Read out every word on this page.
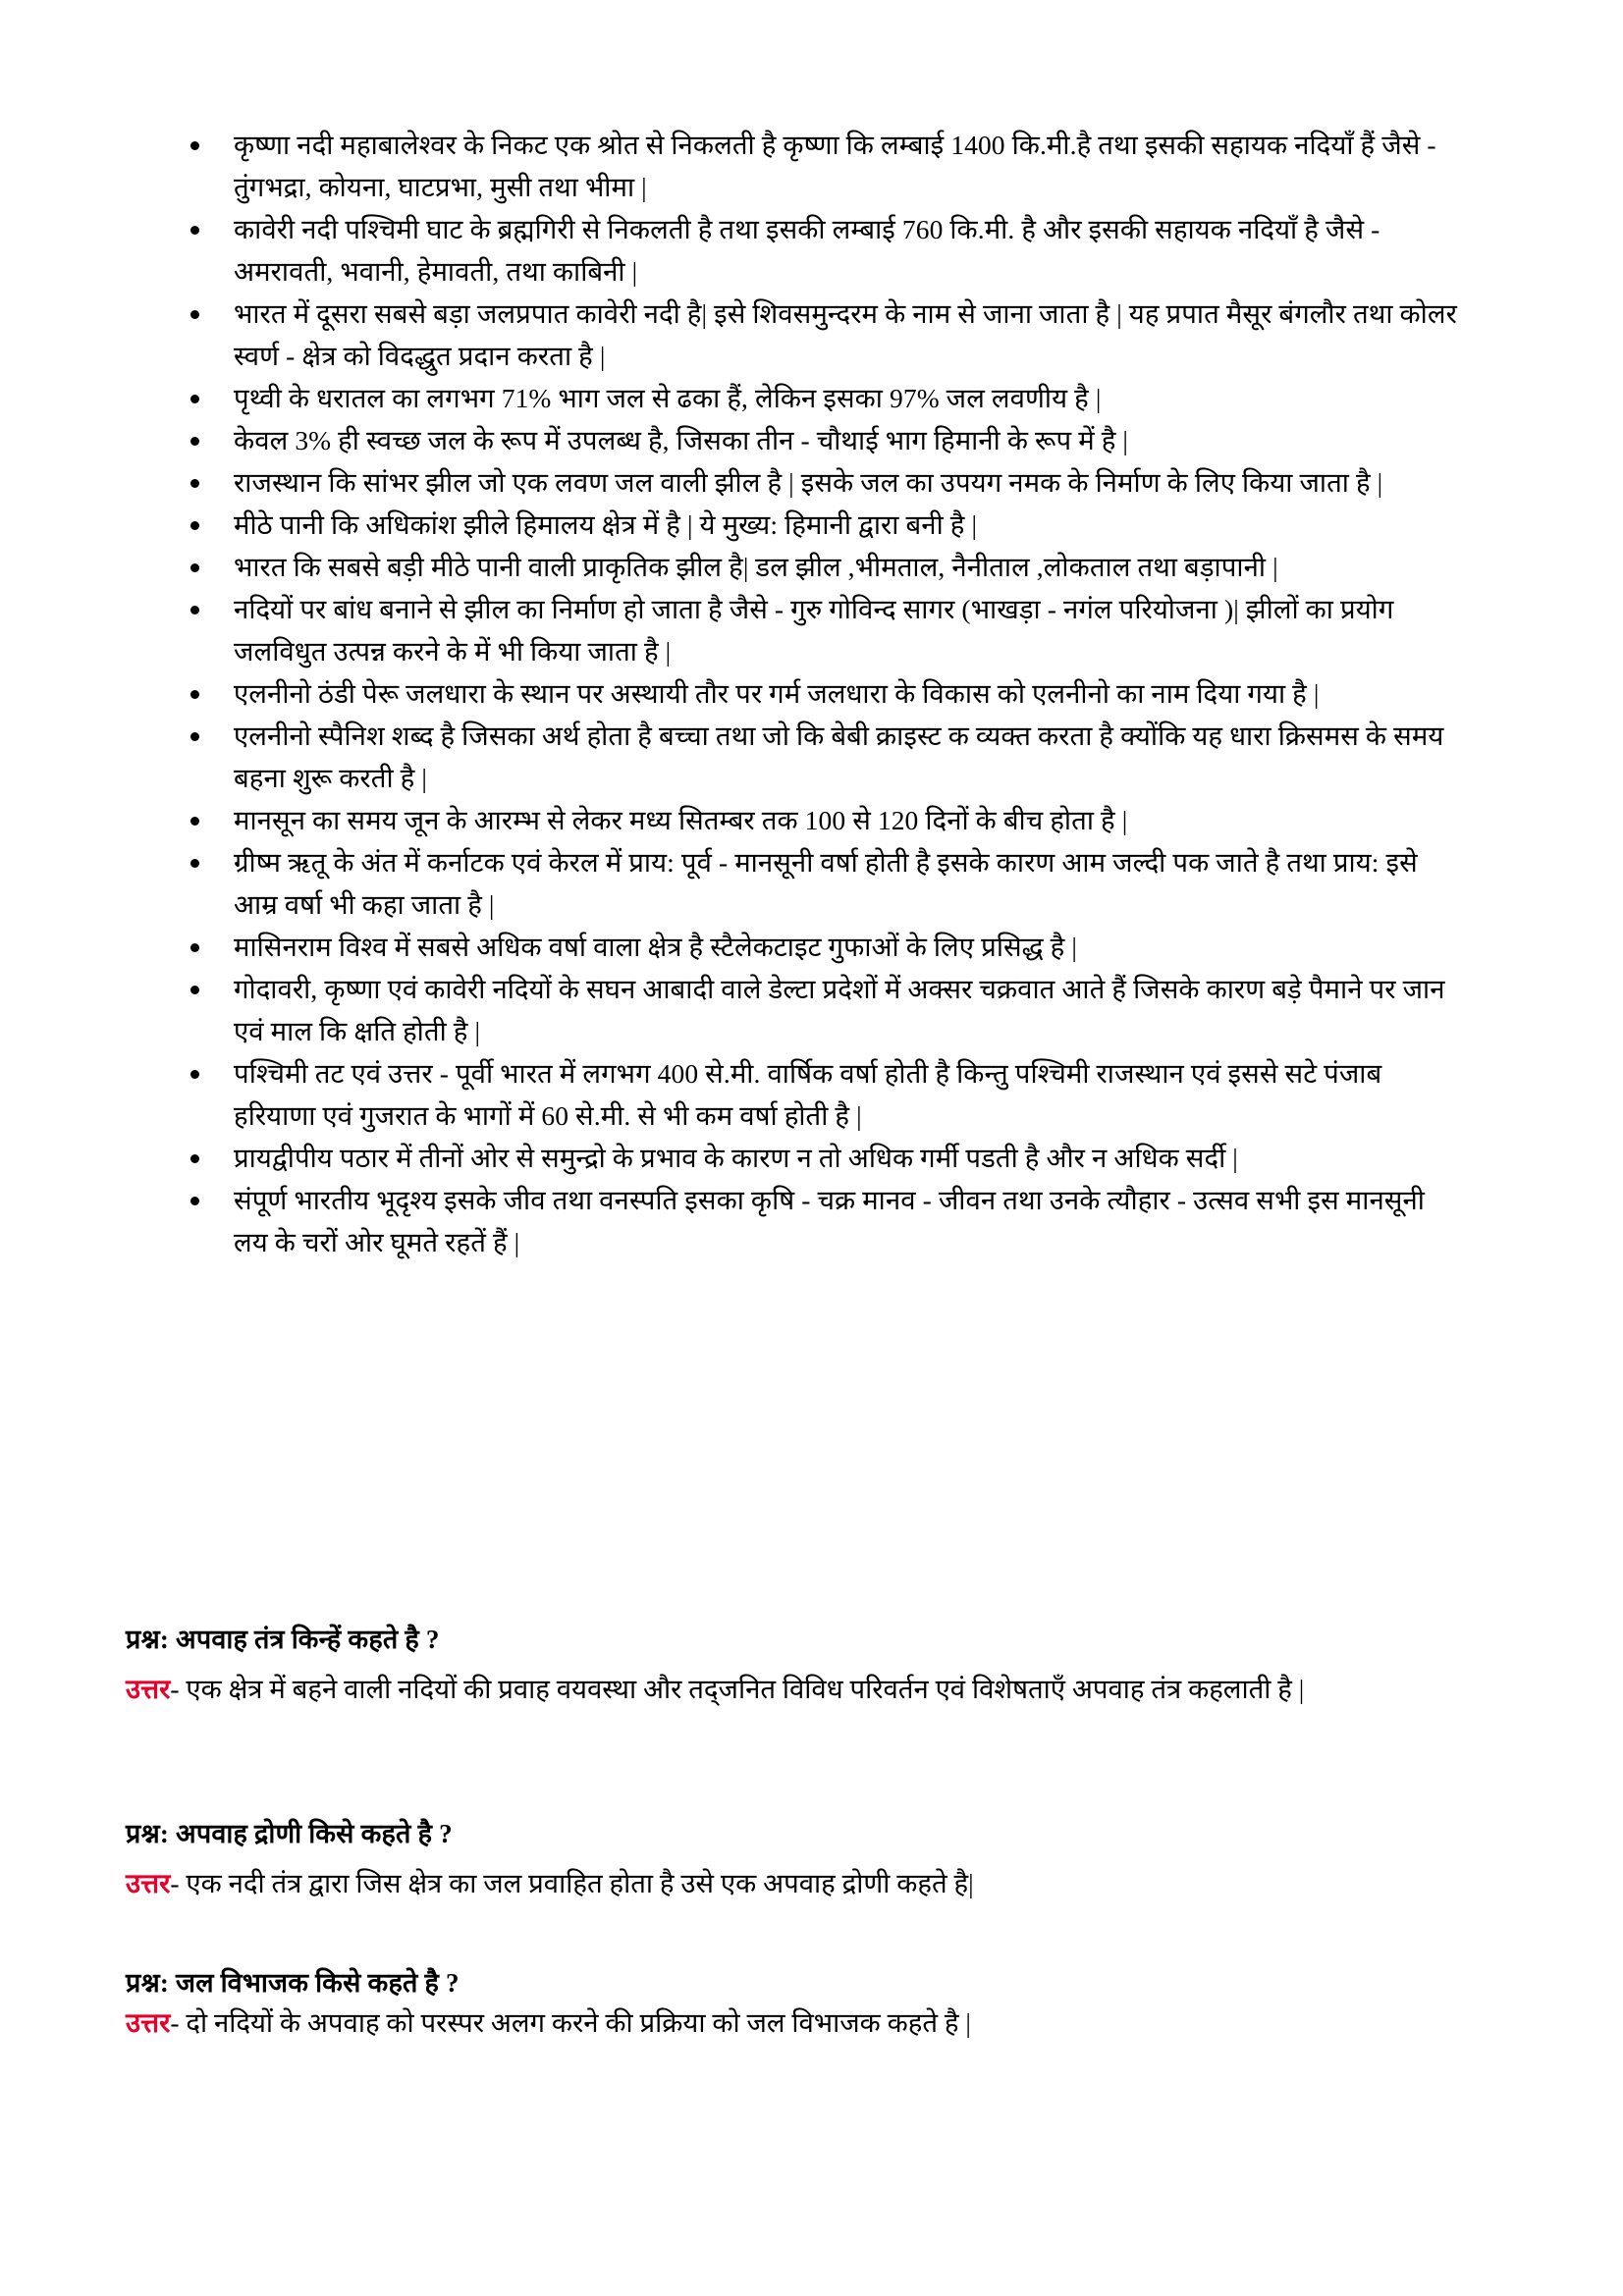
कृष्णा नदी महाबालेश्वर के निकट एक श्रोत से निकलती है कृष्णा कि लम्बाई 1400 कि.मी.है तथा इसकी सहायक नदियाँ हैं जैसे - तुंगभद्रा, कोयना, घाटप्रभा, मुसी तथा भीमा |
कावेरी नदी पश्चिमी घाट के ब्रह्मगिरी से निकलती है तथा इसकी लम्बाई 760 कि.मी. है और इसकी सहायक नदियाँ है जैसे - अमरावती, भवानी, हेमावती, तथा काबिनी |
भारत में दूसरा सबसे बड़ा जलप्रपात कावेरी नदी है| इसे शिवसमुन्दरम के नाम से जाना जाता है | यह प्रपात मैसूर बंगलौर तथा कोलर स्वर्ण - क्षेत्र को विदद्धुत प्रदान करता है |
पृथ्वी के धरातल का लगभग 71% भाग जल से ढका हैं, लेकिन इसका 97% जल लवणीय है |
केवल 3% ही स्वच्छ जल के रूप में उपलब्ध है, जिसका तीन - चौथाई भाग हिमानी के रूप में है |
राजस्थान कि सांभर झील जो एक लवण जल वाली झील है | इसके जल का उपयग नमक के निर्माण के लिए किया जाता है |
मीठे पानी कि अधिकांश झीले हिमालय क्षेत्र में है | ये मुख्य: हिमानी द्वारा बनी है |
भारत कि सबसे बड़ी मीठे पानी वाली प्राकृतिक झील है| डल झील ,भीमताल, नैनीताल ,लोकताल तथा बड़ापानी |
नदियों पर बांध बनाने से झील का निर्माण हो जाता है जैसे - गुरु गोविन्द सागर (भाखड़ा - नगंल परियोजना )| झीलों का प्रयोग जलविधुत उत्पन्न करने के में भी किया जाता है |
एलनीनो ठंडी पेरू जलधारा के स्थान पर अस्थायी तौर पर गर्म जलधारा के विकास को एलनीनो का नाम दिया गया है |
एलनीनो स्पैनिश शब्द है जिसका अर्थ होता है बच्चा तथा जो कि बेबी क्राइस्ट क व्यक्त करता है क्योंकि यह धारा क्रिसमस के समय बहना शुरू करती है |
मानसून का समय जून के आरम्भ से लेकर मध्य सितम्बर तक 100 से 120 दिनों के बीच होता है |
ग्रीष्म ऋतू के अंत में कर्नाटक एवं केरल में प्राय: पूर्व - मानसूनी वर्षा होती है इसके कारण आम जल्दी पक जाते है तथा प्राय: इसे आम्र वर्षा भी कहा जाता है |
मासिनराम विश्व में सबसे अधिक वर्षा वाला क्षेत्र है स्टैलेकटाइट गुफाओं के लिए प्रसिद्ध है |
गोदावरी, कृष्णा एवं कावेरी नदियों के सघन आबादी वाले डेल्टा प्रदेशों में अक्सर चक्रवात आते हैं जिसके कारण बड़े पैमाने पर जान एवं माल कि क्षति होती है |
पश्चिमी तट एवं उत्तर - पूर्वी भारत में लगभग 400 से.मी. वार्षिक वर्षा होती है किन्तु पश्चिमी राजस्थान एवं इससे सटे पंजाब हरियाणा एवं गुजरात के भागों में 60 से.मी. से भी कम वर्षा होती है |
प्रायद्वीपीय पठार में तीनों ओर से समुन्द्रो के प्रभाव के कारण न तो अधिक गर्मी पडती है और न अधिक सर्दी |
संपूर्ण भारतीय भूदृश्य इसके जीव तथा वनस्पति इसका कृषि - चक्र मानव - जीवन तथा उनके त्यौहार - उत्सव सभी इस मानसूनी लय के चरों ओर घूमते रहतें हैं |
प्रश्न: अपवाह तंत्र किन्हें कहते है ?
उत्तर- एक क्षेत्र में बहने वाली नदियों की प्रवाह वयवस्था और तद्जनित विविध परिवर्तन एवं विशेषताएँ अपवाह तंत्र कहलाती है |
प्रश्न: अपवाह द्रोणी किसे कहते है ?
उत्तर- एक नदी तंत्र द्वारा जिस क्षेत्र का जल प्रवाहित होता है उसे एक अपवाह द्रोणी कहते है|
प्रश्न: जल विभाजक किसे कहते है ?
उत्तर- दो नदियों के अपवाह को परस्पर अलग करने की प्रक्रिया को जल विभाजक कहते है |
